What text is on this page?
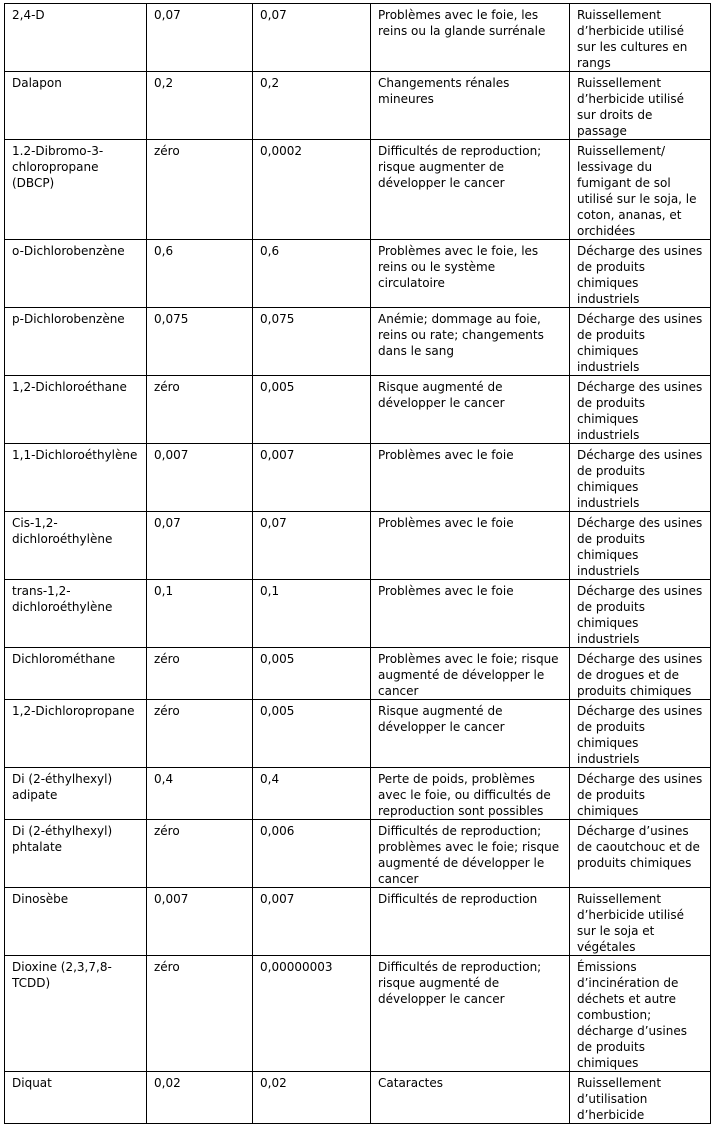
2,4-D	0,07	0,07	Problèmes avec le foie, les reins ou la glande surrénale	Ruissellement d’herbicide utilisé sur les cultures en rangs
Dalapon	0,2	0,2	Changements rénales mineures	Ruissellement d’herbicide utilisé sur droits de passage
1.2-Dibromo-3-chloropropane (DBCP)	zéro	0,0002	Difficultés de reproduction; risque augmenter de développer le cancer	Ruissellement/ lessivage du fumigant de sol utilisé sur le soja, le coton, ananas, et orchidées
o-Dichlorobenzène	0,6	0,6	Problèmes avec le foie, les reins ou le système circulatoire	Décharge des usines de produits chimiques industriels
p-Dichlorobenzène	0,075	0,075	Anémie; dommage au foie, reins ou rate; changements dans le sang	Décharge des usines de produits chimiques industriels
1,2-Dichloroéthane	zéro	0,005	Risque augmenté de développer le cancer	Décharge des usines de produits chimiques industriels
1,1-Dichloroéthylène	0,007	0,007	Problèmes avec le foie	Décharge des usines de produits chimiques industriels
Cis-1,2-dichloroéthylène	0,07	0,07	Problèmes avec le foie	Décharge des usines de produits chimiques industriels
trans-1,2-dichloroéthylène	0,1	0,1	Problèmes avec le foie	Décharge des usines de produits chimiques industriels
Dichlorométhane	zéro	0,005	Problèmes avec le foie; risque augmenté de développer le cancer	Décharge des usines de drogues et de produits chimiques
1,2-Dichloropropane	zéro	0,005	Risque augmenté de développer le cancer	Décharge des usines de produits chimiques industriels
Di (2-éthylhexyl) adipate	0,4	0,4	Perte de poids, problèmes avec le foie, ou difficultés de reproduction sont possibles	Décharge des usines de produits chimiques
Di (2-éthylhexyl) phtalate	zéro	0,006	Difficultés de reproduction; problèmes avec le foie; risque augmenté de développer le cancer	Décharge d’usines de caoutchouc et de produits chimiques
Dinosèbe	0,007	0,007	Difficultés de reproduction	Ruissellement d’herbicide utilisé sur le soja et végétales
Dioxine (2,3,7,8-TCDD)	zéro	0,00000003	Difficultés de reproduction; risque augmenté de développer le cancer	Émissions d’incinération de déchets et autre combustion; décharge d’usines de produits chimiques
Diquat	0,02	0,02	Cataractes	Ruissellement d’utilisation d’herbicide
